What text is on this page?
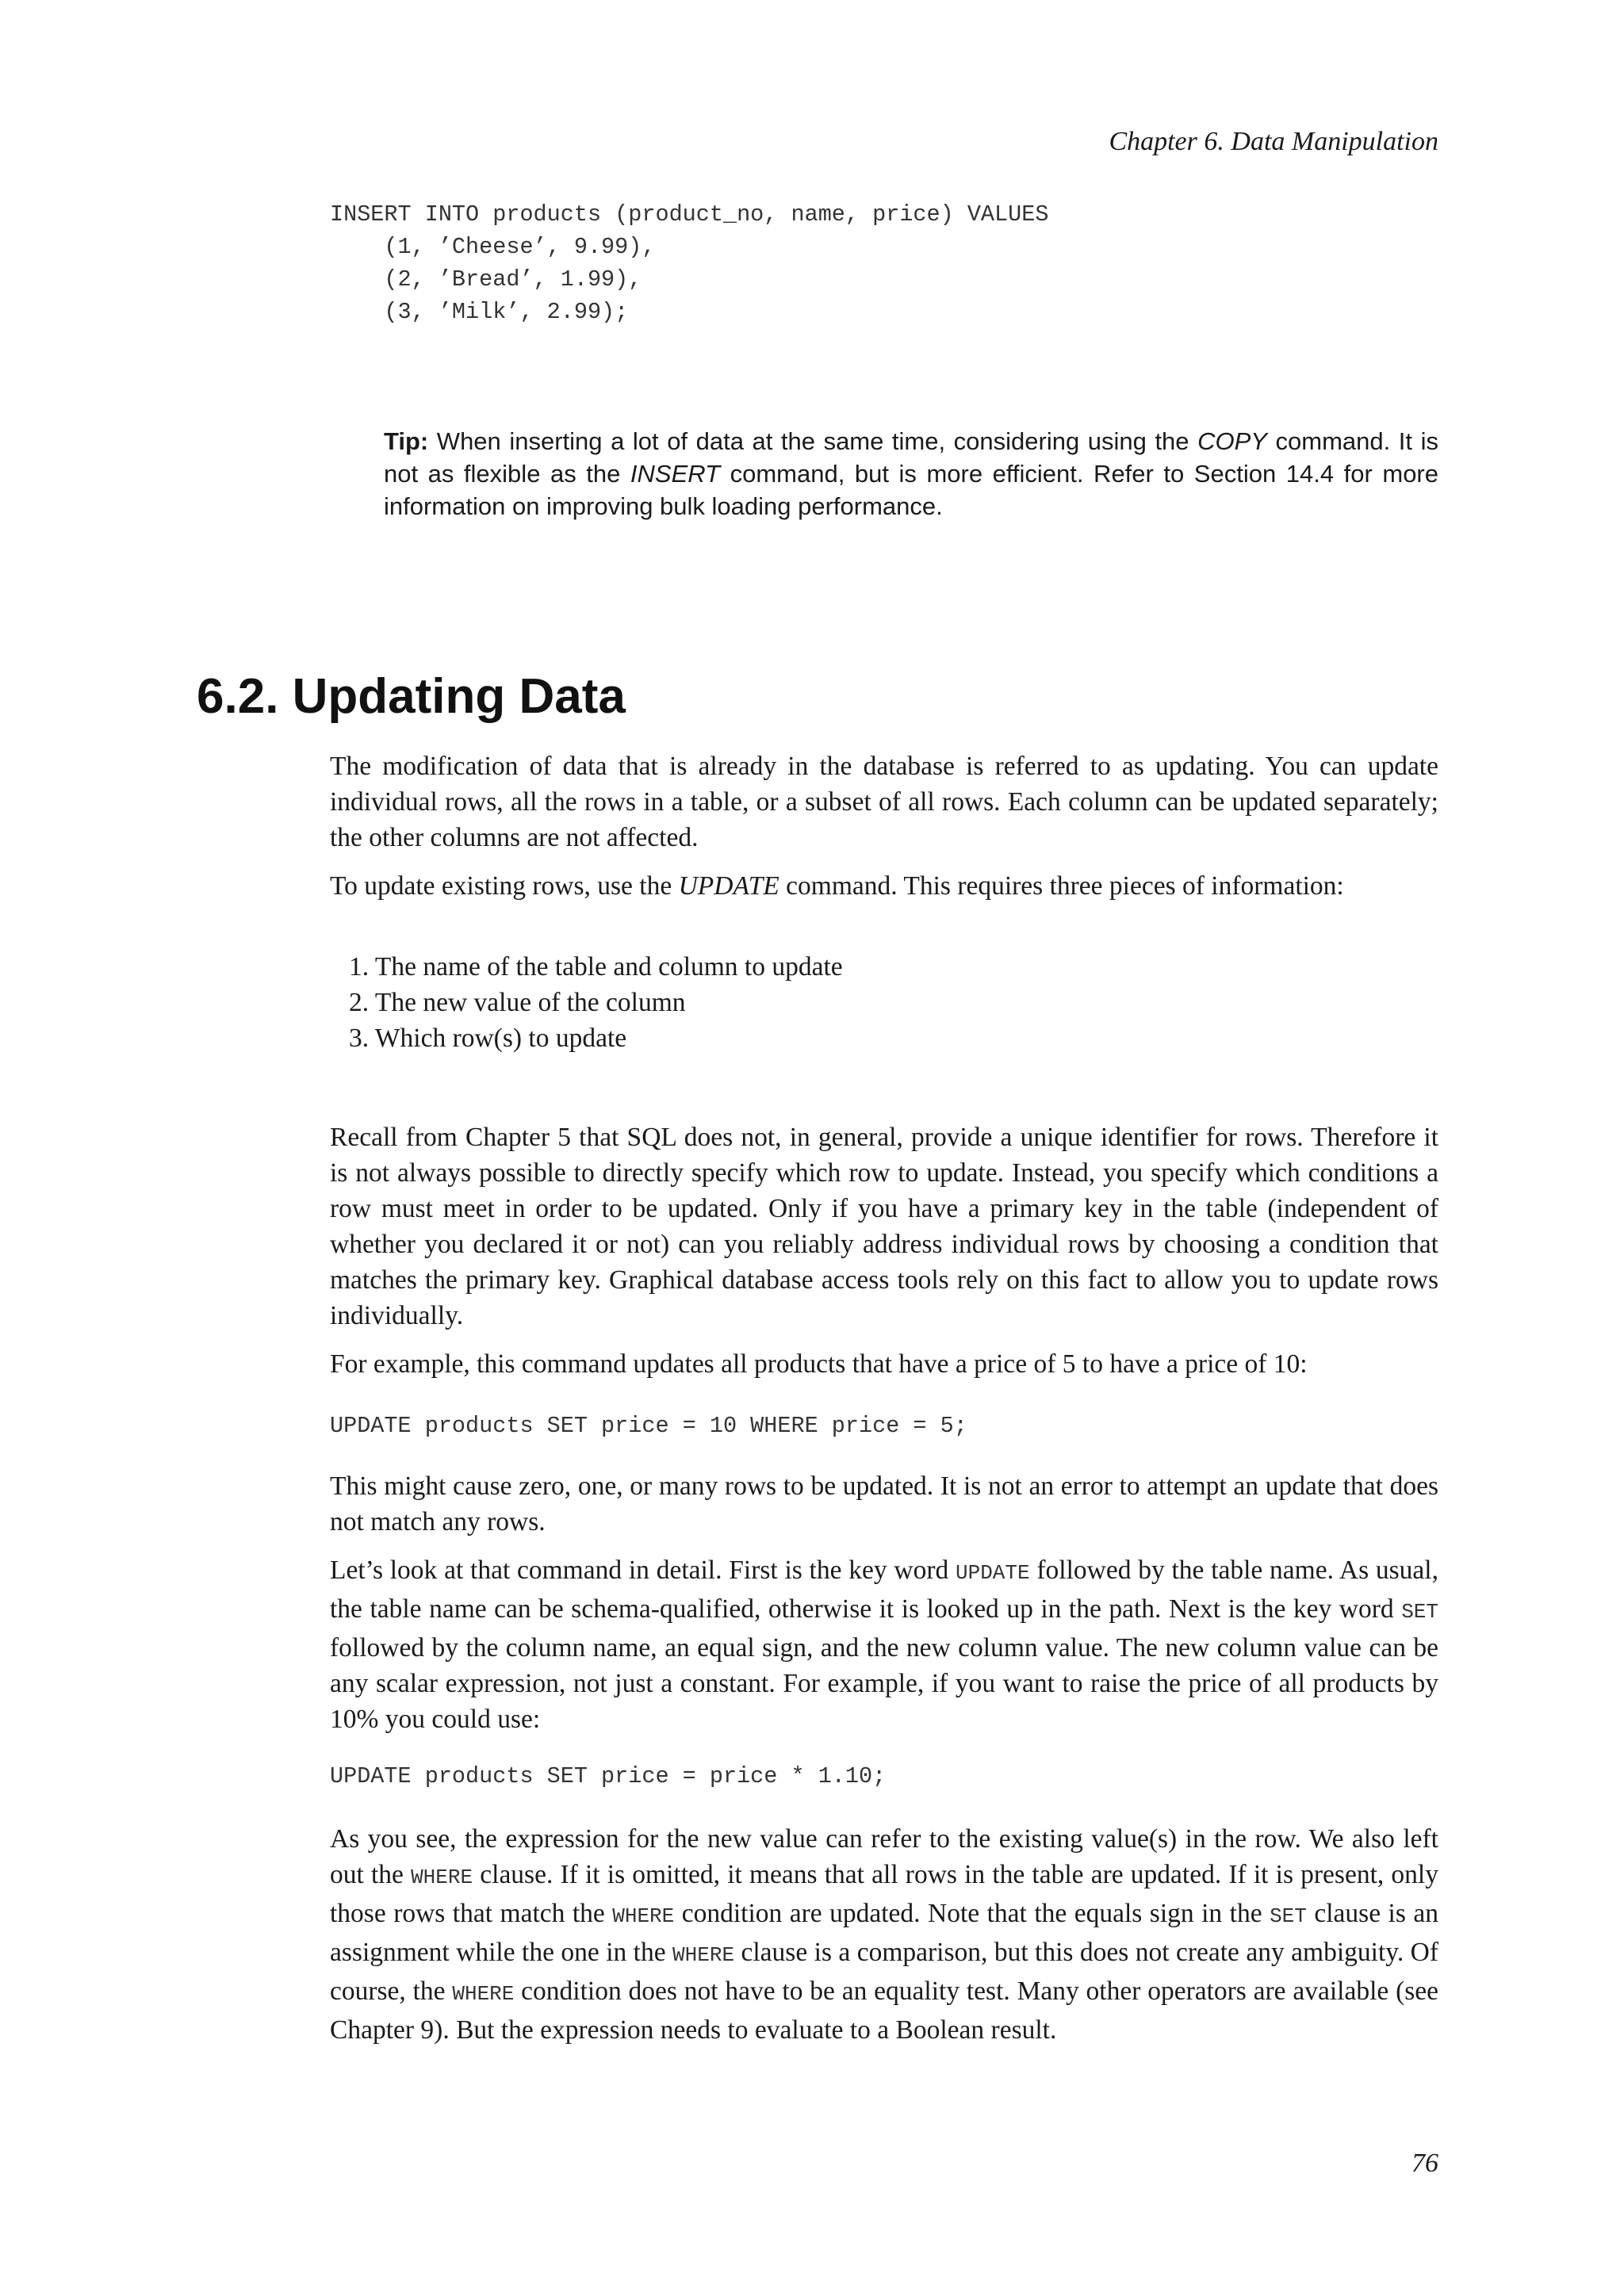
Chapter 6. Data Manipulation
INSERT INTO products (product_no, name, price) VALUES
(1, ’Cheese’, 9.99),
(2, ’Bread’, 1.99),
(3, ’Milk’, 2.99);

Tip: When inserting a lot of data at the same time, considering using the COPY command. It is not as flexible as the INSERT command, but is more efficient. Refer to Section 14.4 for more information on improving bulk loading performance.

6.2. Updating Data

The modification of data that is already in the database is referred to as updating. You can update individual rows, all the rows in a table, or a subset of all rows. Each column can be updated separately; the other columns are not affected.

To update existing rows, use the UPDATE command. This requires three pieces of information:

1. The name of the table and column to update
2. The new value of the column
3. Which row(s) to update

Recall from Chapter 5 that SQL does not, in general, provide a unique identifier for rows. Therefore it is not always possible to directly specify which row to update. Instead, you specify which conditions a row must meet in order to be updated. Only if you have a primary key in the table (independent of whether you declared it or not) can you reliably address individual rows by choosing a condition that matches the primary key. Graphical database access tools rely on this fact to allow you to update rows individually.

For example, this command updates all products that have a price of 5 to have a price of 10:

UPDATE products SET price = 10 WHERE price = 5;

This might cause zero, one, or many rows to be updated. It is not an error to attempt an update that does not match any rows.

Let’s look at that command in detail. First is the key word UPDATE followed by the table name. As usual, the table name can be schema-qualified, otherwise it is looked up in the path. Next is the key word SET followed by the column name, an equal sign, and the new column value. The new column value can be any scalar expression, not just a constant. For example, if you want to raise the price of all products by 10% you could use:

UPDATE products SET price = price * 1.10;

As you see, the expression for the new value can refer to the existing value(s) in the row. We also left out the WHERE clause. If it is omitted, it means that all rows in the table are updated. If it is present, only those rows that match the WHERE condition are updated. Note that the equals sign in the SET clause is an assignment while the one in the WHERE clause is a comparison, but this does not create any ambiguity. Of course, the WHERE condition does not have to be an equality test. Many other operators are available (see Chapter 9). But the expression needs to evaluate to a Boolean result.

76
